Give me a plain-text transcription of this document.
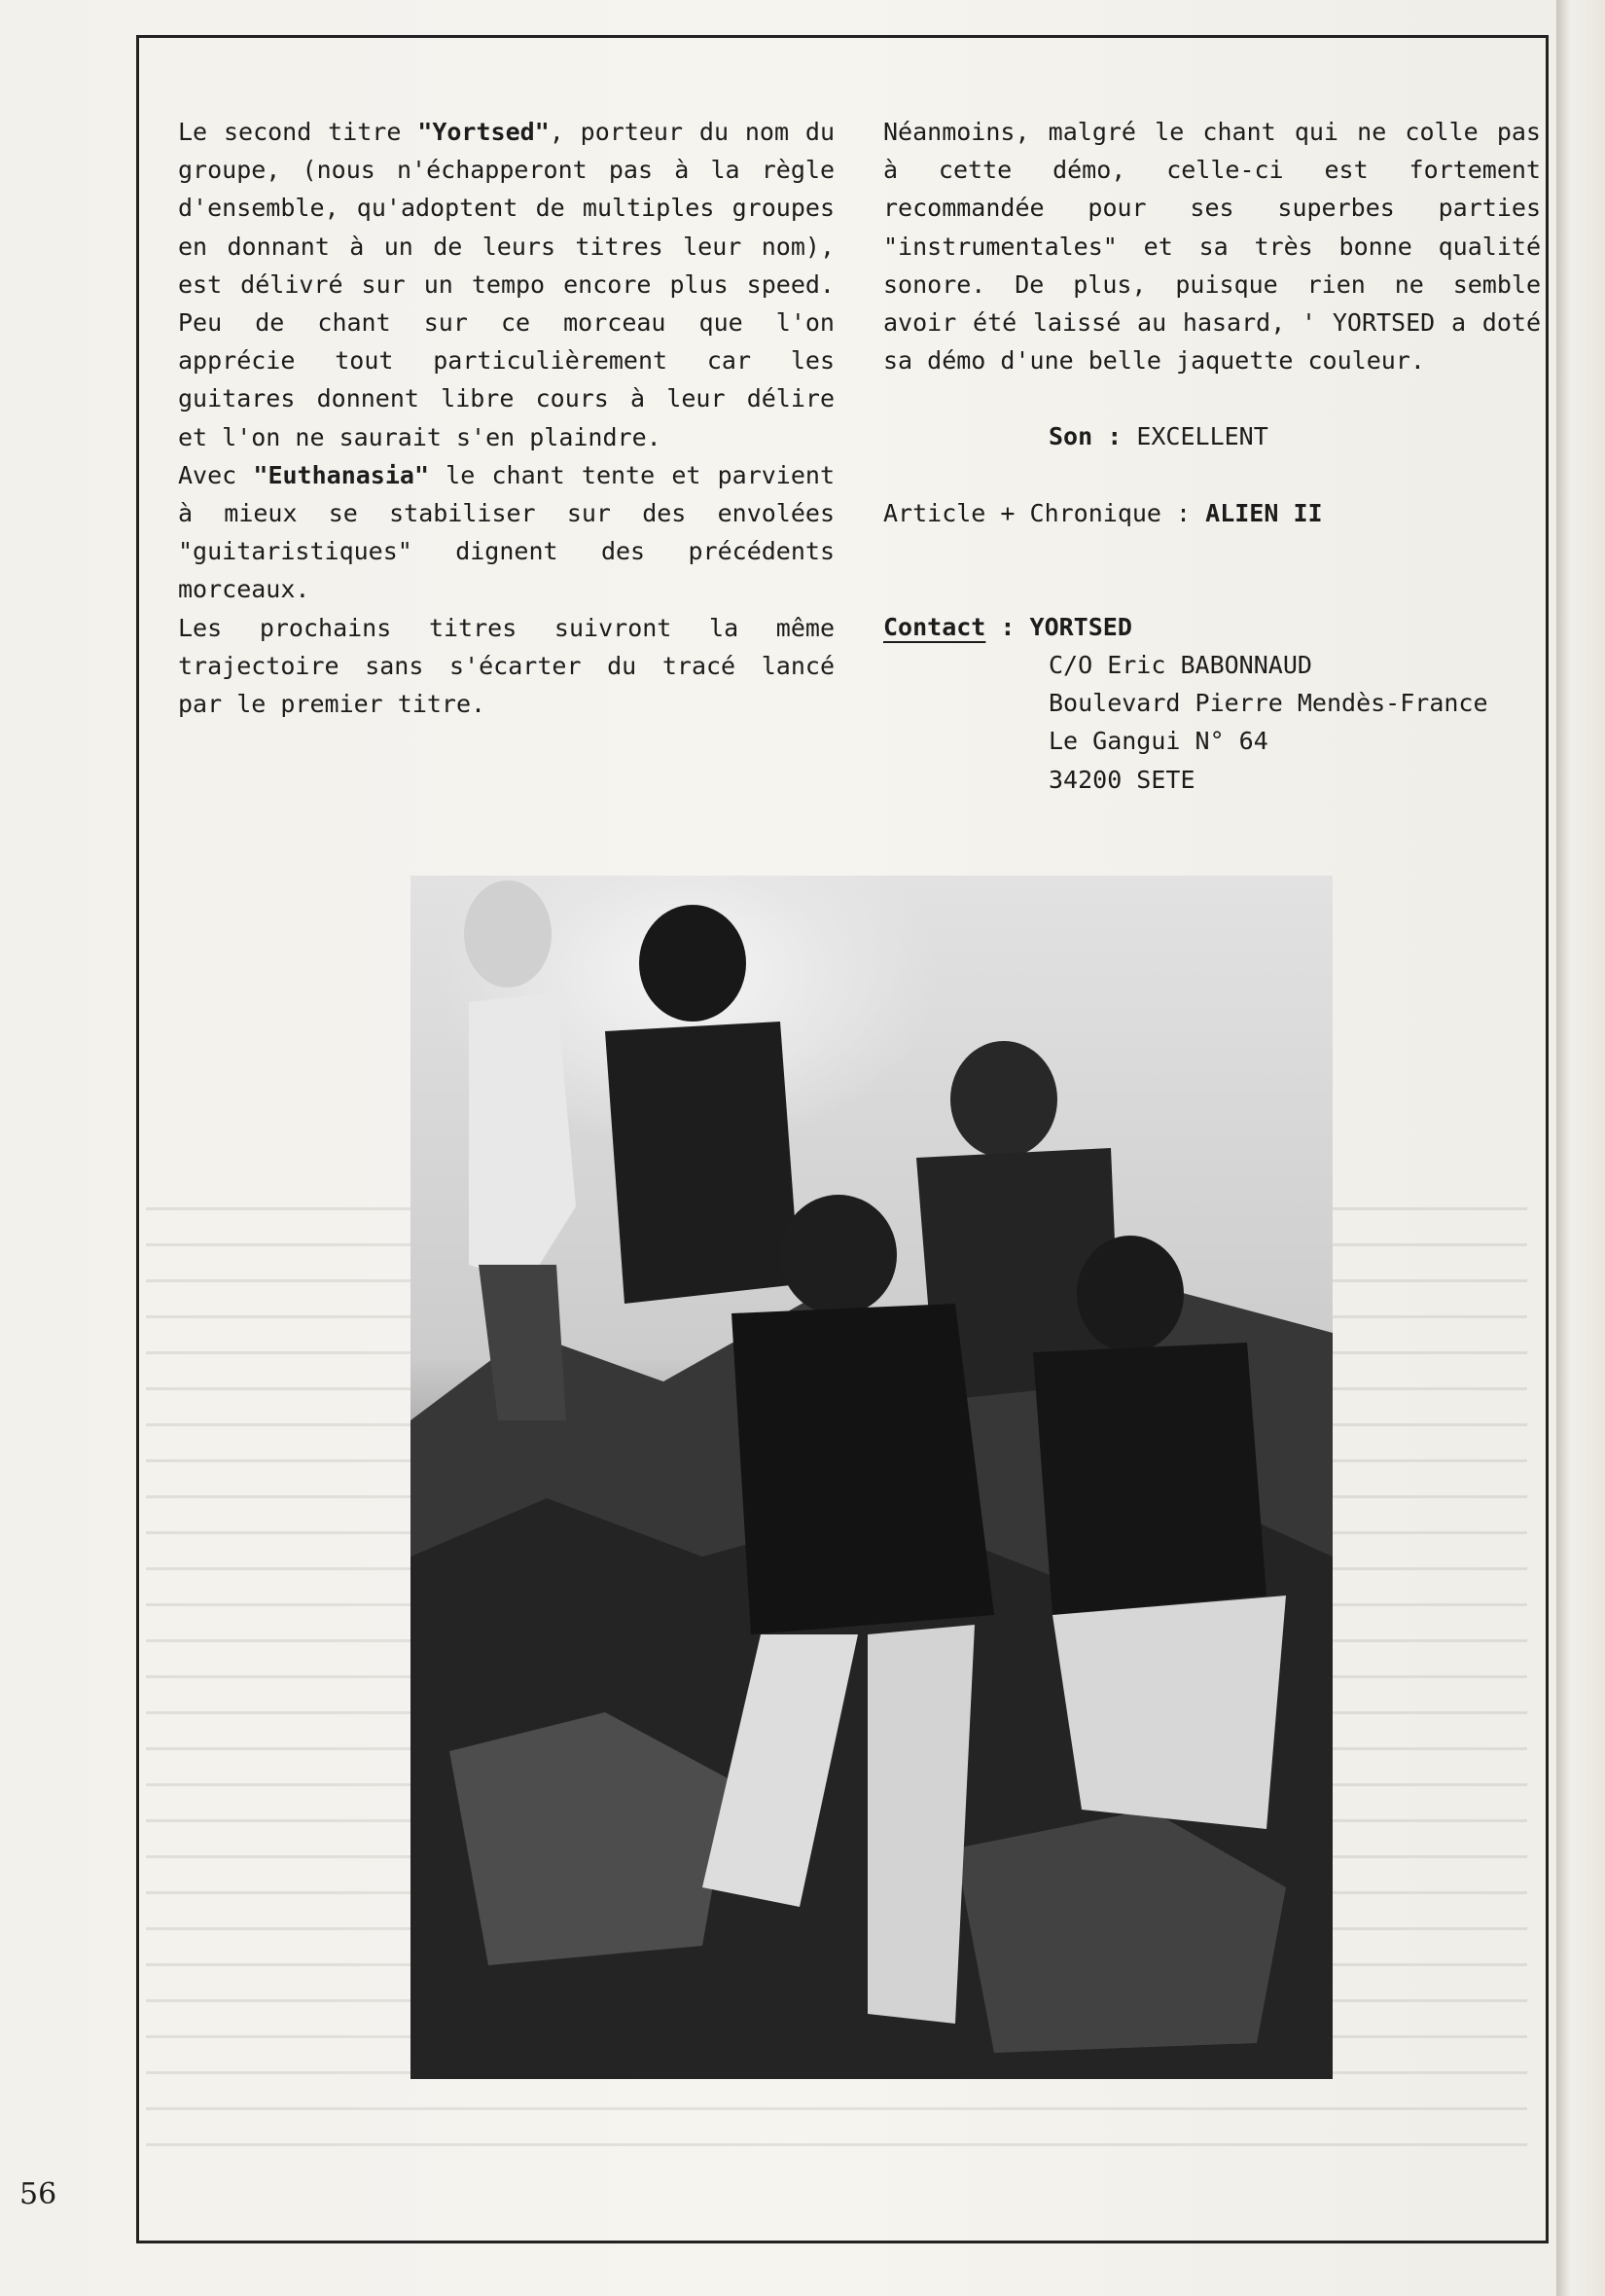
Le second titre "Yortsed", porteur du nom du groupe, (nous n'échapperont pas à la règle d'ensemble, qu'adoptent de multiples groupes en donnant à un de leurs titres leur nom), est délivré sur un tempo encore plus speed. Peu de chant sur ce morceau que l'on apprécie tout particulièrement car les guitares donnent libre cours à leur délire et l'on ne saurait s'en plaindre.

Avec "Euthanasia" le chant tente et parvient à mieux se stabiliser sur des envolées "guitaristiques" dignent des précédents morceaux.

Les prochains titres suivront la même trajectoire sans s'écarter du tracé lancé par le premier titre.

Néanmoins, malgré le chant qui ne colle pas à cette démo, celle-ci est fortement recommandée pour ses superbes parties "instrumentales" et sa très bonne qualité sonore. De plus, puisque rien ne semble avoir été laissé au hasard, ' YORTSED a doté sa démo d'une belle jaquette couleur.

Son : EXCELLENT
Article + Chronique : ALIEN II
Contact : YORTSED
C/O Eric BABONNAUD
Boulevard Pierre Mendès-France
Le Gangui N° 64
34200 SETE
56
